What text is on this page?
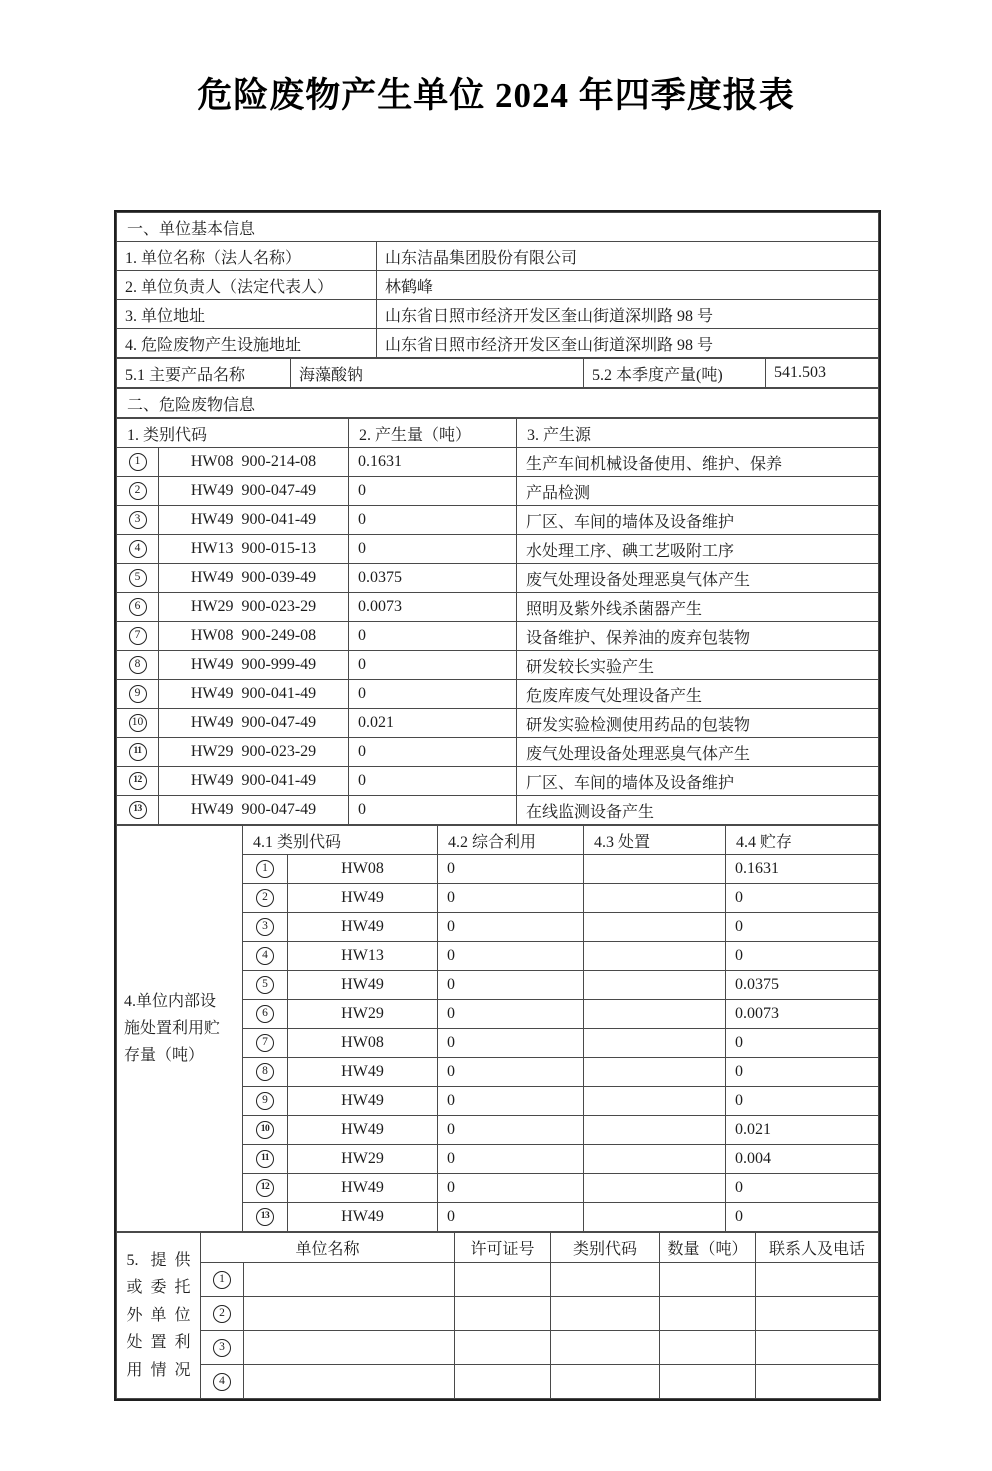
危险废物产生单位 2024 年四季度报表
一、单位基本信息	
1. 单位名称（法人名称）	山东洁晶集团股份有限公司
2. 单位负责人（法定代表人）	林鹤峰
3. 单位地址	山东省日照市经济开发区奎山街道深圳路 98 号
4. 危险废物产生设施地址	山东省日照市经济开发区奎山街道深圳路 98 号
5.1 主要产品名称	海藻酸钠	5.2 本季度产量(吨)	541.503
二、危险废物信息
1. 类别代码		2. 产生量（吨）	3. 产生源
1	HW08  900-214-08	0.1631	生产车间机械设备使用、维护、保养
2	HW49  900-047-49	0	产品检测
3	HW49  900-041-49	0	厂区、车间的墙体及设备维护
4	HW13  900-015-13	0	水处理工序、碘工艺吸附工序
5	HW49  900-039-49	0.0375	废气处理设备处理恶臭气体产生
6	HW29  900-023-29	0.0073	照明及紫外线杀菌器产生
7	HW08  900-249-08	0	设备维护、保养油的废弃包装物
8	HW49  900-999-49	0	研发较长实验产生
9	HW49  900-041-49	0	危废库废气处理设备产生
10	HW49  900-047-49	0.021	研发实验检测使用药品的包装物
11	HW29  900-023-29	0	废气处理设备处理恶臭气体产生
12	HW49  900-041-49	0	厂区、车间的墙体及设备维护
13	HW49  900-047-49	0	在线监测设备产生
4.单位内部设
施处置利用贮
存量（吨）	4.1 类别代码		4.2 综合利用	4.3 处置	4.4 贮存
	1	HW08	0		0.1631
	2	HW49	0		0
	3	HW49	0		0
	4	HW13	0		0
	5	HW49	0		0.0375
	6	HW29	0		0.0073
	7	HW08	0		0
	8	HW49	0		0
	9	HW49	0		0
	10	HW49	0		0.021
	11	HW29	0		0.004
	12	HW49	0		0
	13	HW49	0		0
5. 提供
或委托
外单位
处置利
用情况	单位名称		许可证号	类别代码	数量（吨）	联系人及电话
	1					
	2					
	3					
	4					
